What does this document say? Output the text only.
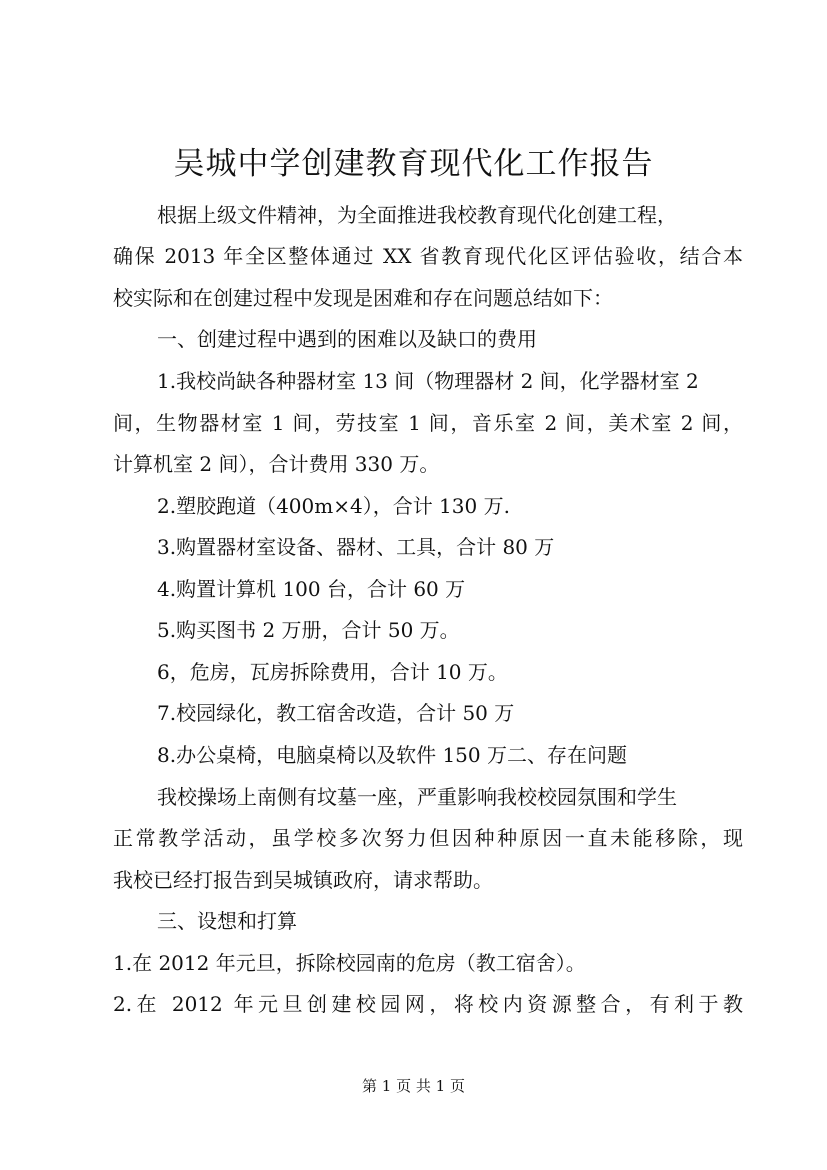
吴城中学创建教育现代化工作报告
根据上级文件精神，为全面推进我校教育现代化创建工程，
确保 2013 年全区整体通过 XX 省教育现代化区评估验收，结合本
校实际和在创建过程中发现是困难和存在问题总结如下：
一、创建过程中遇到的困难以及缺口的费用
1.我校尚缺各种器材室 13 间（物理器材 2 间，化学器材室 2
间，生物器材室 1 间，劳技室 1 间，音乐室 2 间，美术室 2 间，
计算机室 2 间），合计费用 330 万。
2.塑胶跑道（400m×4），合计 130 万.
3.购置器材室设备、器材、工具，合计 80 万
4.购置计算机 100 台，合计 60 万
5.购买图书 2 万册，合计 50 万。
6，危房，瓦房拆除费用，合计 10 万。
7.校园绿化，教工宿舍改造，合计 50 万
8.办公桌椅，电脑桌椅以及软件 150 万二、存在问题
我校操场上南侧有坟墓一座，严重影响我校校园氛围和学生
正常教学活动，虽学校多次努力但因种种原因一直未能移除，现
我校已经打报告到吴城镇政府，请求帮助。
三、设想和打算
1.在 2012 年元旦，拆除校园南的危房（教工宿舍）。
2.在 2012 年元旦创建校园网，将校内资源整合，有利于教
第 1 页 共 1 页
